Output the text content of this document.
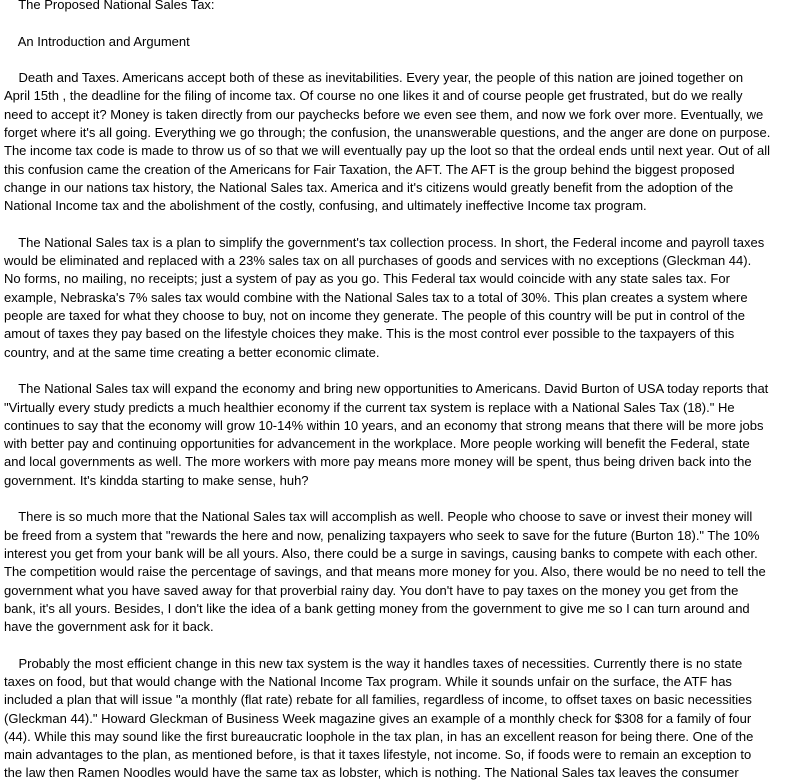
The Proposed National Sales Tax:
An Introduction and Argument
Death and Taxes. Americans accept both of these as inevitabilities. Every year, the people of this nation are joined together on
April 15th , the deadline for the filing of income tax. Of course no one likes it and of course people get frustrated, but do we really
need to accept it? Money is taken directly from our paychecks before we even see them, and now we fork over more. Eventually, we
forget where it's all going. Everything we go through; the confusion, the unanswerable questions, and the anger are done on purpose.
The income tax code is made to throw us of so that we will eventually pay up the loot so that the ordeal ends until next year. Out of all
this confusion came the creation of the Americans for Fair Taxation, the AFT. The AFT is the group behind the biggest proposed
change in our nations tax history, the National Sales tax. America and it's citizens would greatly benefit from the adoption of the
National Income tax and the abolishment of the costly, confusing, and ultimately ineffective Income tax program.
The National Sales tax is a plan to simplify the government's tax collection process. In short, the Federal income and payroll taxes
would be eliminated and replaced with a 23% sales tax on all purchases of goods and services with no exceptions (Gleckman 44).
No forms, no mailing, no receipts; just a system of pay as you go. This Federal tax would coincide with any state sales tax. For
example, Nebraska's 7% sales tax would combine with the National Sales tax to a total of 30%. This plan creates a system where
people are taxed for what they choose to buy, not on income they generate. The people of this country will be put in control of the
amout of taxes they pay based on the lifestyle choices they make. This is the most control ever possible to the taxpayers of this
country, and at the same time creating a better economic climate.
The National Sales tax will expand the economy and bring new opportunities to Americans. David Burton of USA today reports that
"Virtually every study predicts a much healthier economy if the current tax system is replace with a National Sales Tax (18)." He
continues to say that the economy will grow 10-14% within 10 years, and an economy that strong means that there will be more jobs
with better pay and continuing opportunities for advancement in the workplace. More people working will benefit the Federal, state
and local governments as well. The more workers with more pay means more money will be spent, thus being driven back into the
government. It's kindda starting to make sense, huh?
There is so much more that the National Sales tax will accomplish as well. People who choose to save or invest their money will
be freed from a system that "rewards the here and now, penalizing taxpayers who seek to save for the future (Burton 18)." The 10%
interest you get from your bank will be all yours. Also, there could be a surge in savings, causing banks to compete with each other.
The competition would raise the percentage of savings, and that means more money for you. Also, there would be no need to tell the
government what you have saved away for that proverbial rainy day. You don't have to pay taxes on the money you get from the
bank, it's all yours. Besides, I don't like the idea of a bank getting money from the government to give me so I can turn around and
have the government ask for it back.
Probably the most efficient change in this new tax system is the way it handles taxes of necessities. Currently there is no state
taxes on food, but that would change with the National Income Tax program. While it sounds unfair on the surface, the ATF has
included a plan that will issue "a monthly (flat rate) rebate for all families, regardless of income, to offset taxes on basic necessities
(Gleckman 44)." Howard Gleckman of Business Week magazine gives an example of a monthly check for $308 for a family of four
(44). While this may sound like the first bureaucratic loophole in the tax plan, in has an excellent reason for being there. One of the
main advantages to the plan, as mentioned before, is that it taxes lifestyle, not income. So, if foods were to remain an exception to
the law then Ramen Noodles would have the same tax as lobster, which is nothing. The National Sales tax leaves the consumer
